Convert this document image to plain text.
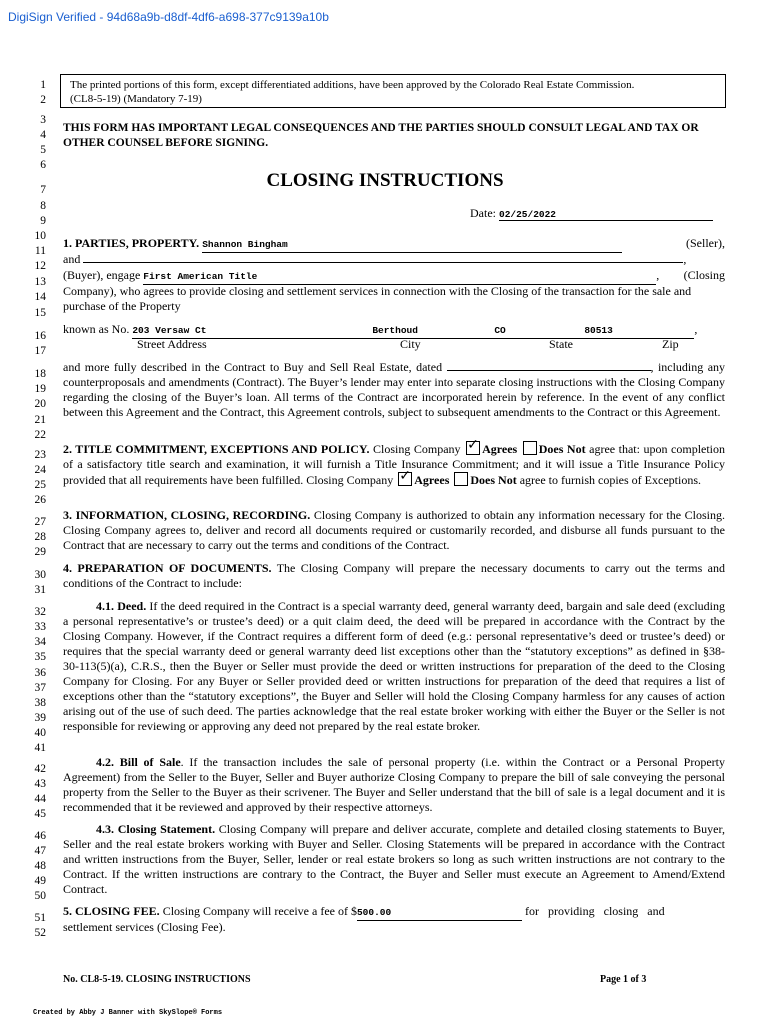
DigiSign Verified - 94d68a9b-d8df-4df6-a698-377c9139a10b
1
2
3
4
5
6
7
8
9
10
11
12
13
14
15
16
17
18
19
20
21
22
23
24
25
26
27
28
29
30
31
32
33
34
35
36
37
38
39
40
41
42
43
44
45
46
47
48
49
50
51
52
The printed portions of this form, except differentiated additions, have been approved by the Colorado Real Estate Commission.
(CL8-5-19) (Mandatory 7-19)
THIS FORM HAS IMPORTANT LEGAL CONSEQUENCES AND THE PARTIES SHOULD CONSULT LEGAL AND TAX OR
OTHER COUNSEL BEFORE SIGNING.
CLOSING INSTRUCTIONS
Date: 02/25/2022
1. PARTIES, PROPERTY. Shannon Bingham	(Seller),
and	,
(Buyer), engage First American Title	, (Closing
Company), who agrees to provide closing and settlement services in connection with the Closing of the transaction for the sale and
purchase of the Property
known as No. 203 Versaw Ct	Berthoud	CO	80513	,
Street Address	City	State	Zip
and more fully described in the Contract to Buy and Sell Real Estate, dated	, including any counterproposals and amendments (Contract). The Buyer’s lender may enter into separate closing instructions with the Closing Company regarding the closing of the Buyer’s loan. All terms of the Contract are incorporated herein by reference. In the event of any conflict between this Agreement and the Contract, this Agreement controls, subject to subsequent amendments to the Contract or this Agreement.
2. TITLE COMMITMENT, EXCEPTIONS AND POLICY. Closing Company ✓ Agrees Does Not agree that: upon completion of a satisfactory title search and examination, it will furnish a Title Insurance Commitment; and it will issue a Title Insurance Policy provided that all requirements have been fulfilled. Closing Company ✓ Agrees Does Not agree to furnish copies of Exceptions.
3. INFORMATION, CLOSING, RECORDING. Closing Company is authorized to obtain any information necessary for the Closing. Closing Company agrees to, deliver and record all documents required or customarily recorded, and disburse all funds pursuant to the Contract that are necessary to carry out the terms and conditions of the Contract.
4. PREPARATION OF DOCUMENTS. The Closing Company will prepare the necessary documents to carry out the terms and conditions of the Contract to include:
4.1. Deed. If the deed required in the Contract is a special warranty deed, general warranty deed, bargain and sale deed (excluding a personal representative’s or trustee’s deed) or a quit claim deed, the deed will be prepared in accordance with the Contract by the Closing Company. However, if the Contract requires a different form of deed (e.g.: personal representative’s deed or trustee’s deed) or requires that the special warranty deed or general warranty deed list exceptions other than the “statutory exceptions” as defined in §38-30-113(5)(a), C.R.S., then the Buyer or Seller must provide the deed or written instructions for preparation of the deed to the Closing Company for Closing. For any Buyer or Seller provided deed or written instructions for preparation of the deed that requires a list of exceptions other than the “statutory exceptions”, the Buyer and Seller will hold the Closing Company harmless for any causes of action arising out of the use of such deed. The parties acknowledge that the real estate broker working with either the Buyer or the Seller is not responsible for reviewing or approving any deed not prepared by the real estate broker.
4.2. Bill of Sale. If the transaction includes the sale of personal property (i.e. within the Contract or a Personal Property Agreement) from the Seller to the Buyer, Seller and Buyer authorize Closing Company to prepare the bill of sale conveying the personal property from the Seller to the Buyer as their scrivener. The Buyer and Seller understand that the bill of sale is a legal document and it is recommended that it be reviewed and approved by their respective attorneys.
4.3. Closing Statement. Closing Company will prepare and deliver accurate, complete and detailed closing statements to Buyer, Seller and the real estate brokers working with Buyer and Seller. Closing Statements will be prepared in accordance with the Contract and written instructions from the Buyer, Seller, lender or real estate brokers so long as such written instructions are not contrary to the Contract. If the written instructions are contrary to the Contract, the Buyer and Seller must execute an Agreement to Amend/Extend Contract.
5. CLOSING FEE. Closing Company will receive a fee of $500.00	for   providing   closing   and
settlement services (Closing Fee).
No. CL8-5-19. CLOSING INSTRUCTIONS	Page 1 of 3
Created by Abby J Banner with SkySlope® Forms
